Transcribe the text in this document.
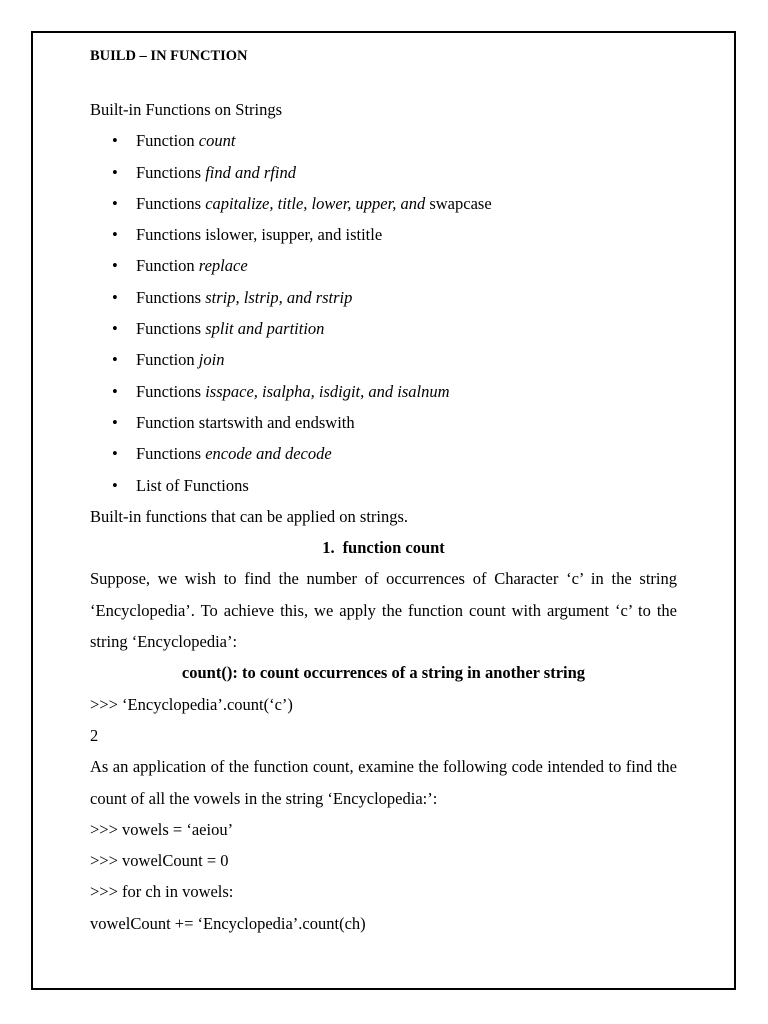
BUILD – IN FUNCTION

Built-in Functions on Strings

• Function count
• Functions find and rfind
• Functions capitalize, title, lower, upper, and swapcase
• Functions islower, isupper, and istitle
• Function replace
• Functions strip, lstrip, and rstrip
• Functions split and partition
• Function join
• Functions isspace, isalpha, isdigit, and isalnum
• Function startswith and endswith
• Functions encode and decode
• List of Functions

Built-in functions that can be applied on strings.

1. function count

Suppose, we wish to find the number of occurrences of Character ‘c’ in the string ‘Encyclopedia’. To achieve this, we apply the function count with argument ‘c’ to the string ‘Encyclopedia’:

count(): to count occurrences of a string in another string

>>> ‘Encyclopedia’.count(‘c’)

2

As an application of the function count, examine the following code intended to find the count of all the vowels in the string ‘Encyclopedia:’:

>>> vowels = ‘aeiou’

>>> vowelCount = 0

>>> for ch in vowels:

vowelCount += ‘Encyclopedia’.count(ch)
